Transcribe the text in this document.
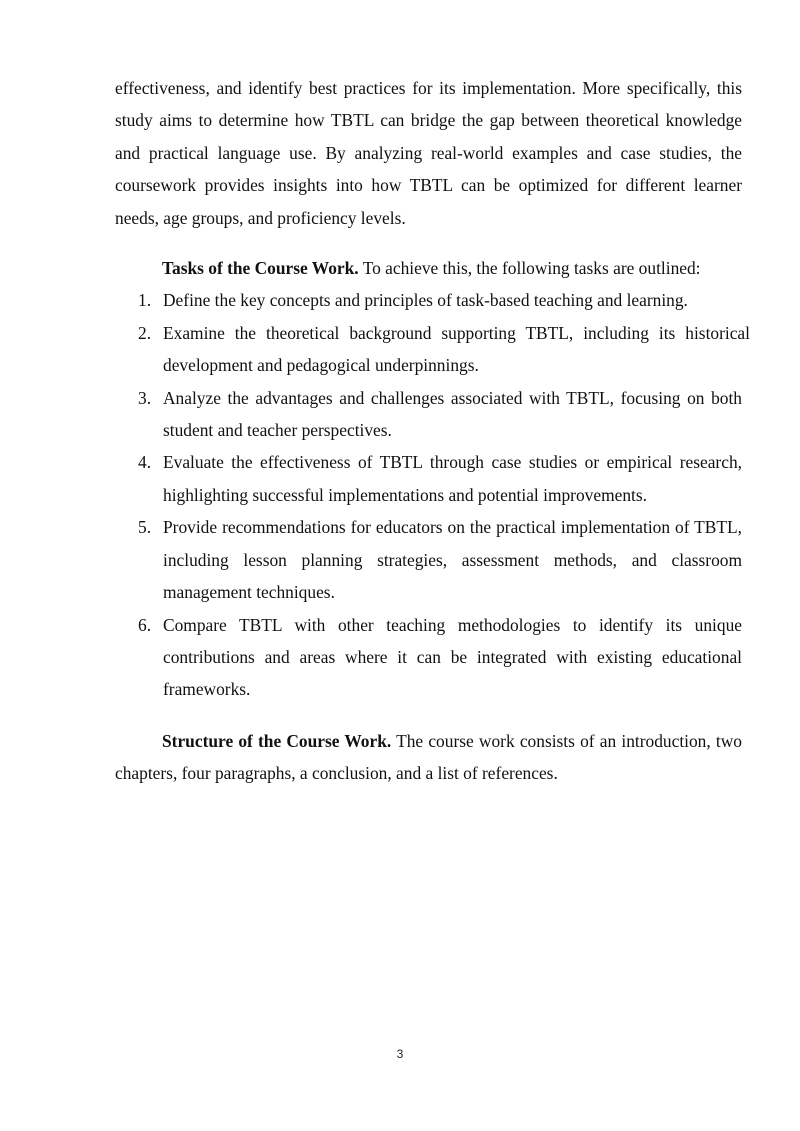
effectiveness, and identify best practices for its implementation. More specifically, this study aims to determine how TBTL can bridge the gap between theoretical knowledge and practical language use. By analyzing real-world examples and case studies, the coursework provides insights into how TBTL can be optimized for different learner needs, age groups, and proficiency levels.

Tasks of the Course Work. To achieve this, the following tasks are outlined:

1. Define the key concepts and principles of task-based teaching and learning.
2. Examine the theoretical background supporting TBTL, including its historical development and pedagogical underpinnings.
3. Analyze the advantages and challenges associated with TBTL, focusing on both student and teacher perspectives.
4. Evaluate the effectiveness of TBTL through case studies or empirical research, highlighting successful implementations and potential improvements.
5. Provide recommendations for educators on the practical implementation of TBTL, including lesson planning strategies, assessment methods, and classroom management techniques.
6. Compare TBTL with other teaching methodologies to identify its unique contributions and areas where it can be integrated with existing educational frameworks.

Structure of the Course Work. The course work consists of an introduction, two chapters, four paragraphs, a conclusion, and a list of references.

3
